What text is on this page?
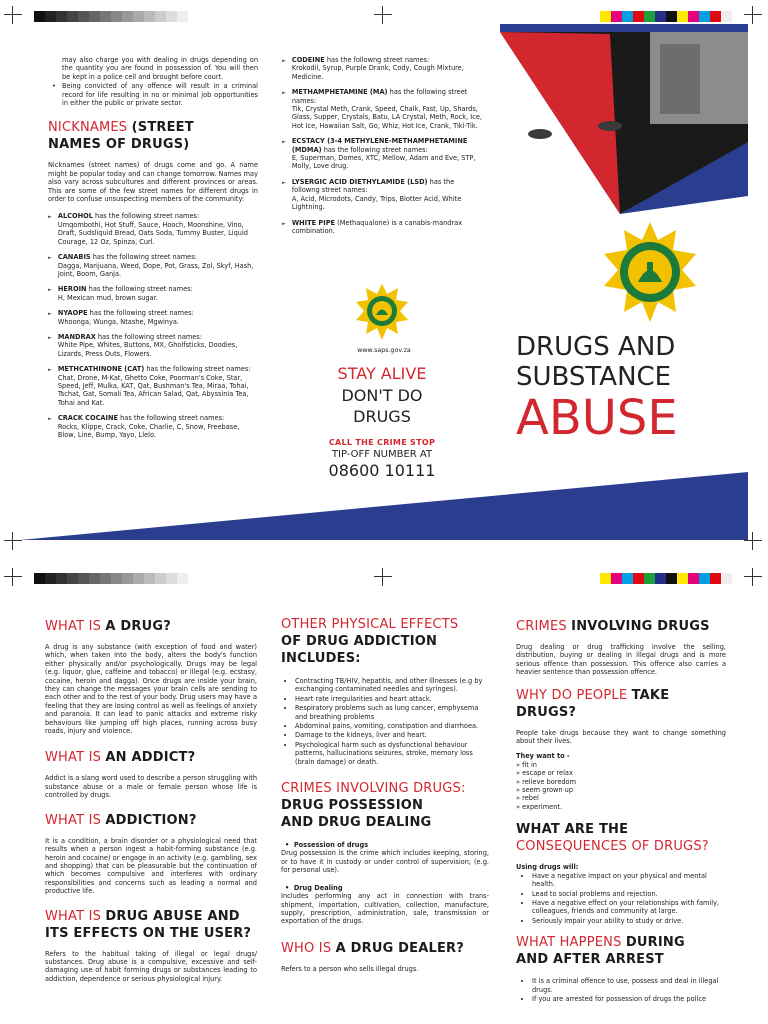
may also charge you with dealing in drugs depending on the quantity you are found in possession of. You will then be kept in a police cell and brought before court.
• Being convicted of any offence will result in a criminal record for life resulting in no or minimal job opportunities in either the public or private sector.
NICKNAMES (STREET
NAMES OF DRUGS)
Nicknames (street names) of drugs come and go. A name might be popular today and can change tomorrow. Names may also vary across subcultures and different provinces or areas. This are some of the few street names for different drugs in order to confuse unsuspecting members of the community:
► ALCOHOL has the following street names:
Umqombothi, Hot Stuff, Sauce, Hooch, Moonshine, Vino, Draft, Sudsliquid Bread, Oats Soda, Tummy Buster, Liquid Courage, 12 Oz, Spinza, Curl.
► CANABIS has the following street names:
Dagga, Marijuana, Weed, Dope, Pot, Grass, Zol, Skyf, Hash, Joint, Boom, Ganja.
► HEROIN has the following street names:
H, Mexican mud, brown sugar.
► NYAOPE has the following street names:
Whoonga, Wunga, Ntashe, Mgwinya.
► MANDRAX has the following street names:
White Pipe, Whites, Buttons, MX, Gholfsticks, Doodies, Lizards, Press Outs, Flowers.
► METHCATHINONE (CAT) has the following street names:
Chat, Drone, M-Kat, Ghetto Coke, Poorman's Coke, Star, Speed, Jeff, Mulka, KAT, Qat, Bushman's Tea, Miraa, Tohai, Tschat, Gat, Somali Tea, African Salad, Qat, Abyssinia Tea, Tohai and Kat.
► CRACK COCAINE has the following street names:
Rocks, Klippe, Crack, Coke, Charlie, C, Snow, Freebase, Blow, Line, Bump, Yayo, Llelo.
► CODEINE has the followng street names:
Krokodil, Syrup, Purple Drank, Cody, Cough Mixture, Medicine.
► METHAMPHETAMINE (MA) has the following street names:
Tik, Crystal Meth, Crank, Speed, Chalk, Fast, Up, Shards, Glass, Supper, Crystals, Batu, LA Crystal, Meth, Rock, Ice, Hot Ice, Hawaiian Salt, Go, Whiz, Hot Ice, Crank, Tiki-Tik.
► ECSTACY (3-4 METHYLENE-METHAMPHETAMINE (MDMA) has the following street names:
E, Superman, Domes, XTC, Mellow, Adam and Eve, STP, Molly, Love drug.
► LYSERGIC ACID DIETHYLAMIDE (LSD) has the followng street names:
A, Acid, Microdots, Candy, Trips, Blotter Acid, White Lightning.
► WHITE PIPE (Methaqualone) is a canabis-mandrax combination.
www.saps.gov.za
STAY ALIVE
DON'T DO
DRUGS
CALL THE CRIME STOP
TIP-OFF NUMBER AT
08600 10111
DRUGS AND
SUBSTANCE
ABUSE
WHAT IS A DRUG?
A drug is any substance (with exception of food and water) which, when taken into the body, alters the body's function either physically and/or psychologically. Drugs may be legal (e.g. liquor, glue, caffeine and tobacco) or illegal (e.g. ecstasy, cocaine, heroin and dagga). Once drugs are inside your brain, they can change the messages your brain cells are sending to each other and to the rest of your body. Drug users may have a feeling that they are losing control as well as feelings of anxiety and paranoia. It can lead to panic attacks and extreme risky behaviours like jumping off high places, running across busy roads, injury and violence.
WHAT IS AN ADDICT?
Addict is a slang word used to describe a person struggling with substance abuse or a male or female person whose life is controlled by drugs.
WHAT IS ADDICTION?
It is a condition, a brain disorder or a physiological need that results when a person ingest a habit-forming substance (e.g. heroin and cocaine) or engage in an activity (e.g. gambling, sex and shopping) that can be pleasurable but the continuation of which becomes compulsive and interferes with ordinary responsibilities and concerns such as leading a normal and productive life.
WHAT IS DRUG ABUSE AND
ITS EFFECTS ON THE USER?
Refers to the habitual taking of illegal or legal drugs/ substances. Drug abuse is a compulsive, excessive and self-damaging use of habit forming drugs or substances leading to addiction, dependence or serious physiological injury.
OTHER PHYSICAL EFFECTS
OF DRUG ADDICTION
INCLUDES:
• Contracting TB/HIV, hepatitis, and other illnesses (e.g by exchanging contaminated needles and syringes).
• Heart rate irregularities and heart attack.
• Respiratory problems such as lung cancer, emphysema and breathing problems
• Abdominal pains, vomiting, constipation and diarrhoea.
• Damage to the kidneys, liver and heart.
• Psychological harm such as dysfunctional behaviour patterns, hallucinations seizures, stroke, memory loss (brain damage) or death.
CRIMES INVOLVING DRUGS:
DRUG POSSESSION
AND DRUG DEALING
•  Possession of drugs
Drug possession is the crime which includes keeping, storing, or to have it in custody or under control of supervision; (e.g. for personal use).
•  Drug Dealing
Includes performing any act in connection with trans-shipment, importation, cultivation, collection, manufacture, supply, prescription, administration, sale, transmission or exportation of the drugs.
WHO IS A DRUG DEALER?
Refers to a person who sells illegal drugs.
CRIMES INVOLVING DRUGS
Drug dealing or drug trafficking involve the selling, distribution, buying or dealing in illegal drugs and is more serious offence than possession. This offence also carries a heavier sentence than possession offence.
WHY DO PEOPLE TAKE
DRUGS?
People take drugs because they want to change something about their lives.
They want to -
» fit in
» escape or relax
» relieve boredom
» seem grown up
» rebel
» experiment.
WHAT ARE THE
CONSEQUENCES OF DRUGS?
Using drugs will:
• Have a negative impact on your physical and mental health.
• Lead to social problems and rejection.
• Have a negative effect on your relationships with family, colleagues, friends and community at large.
• Seriously impair your ability to study or drive.
WHAT HAPPENS DURING
AND AFTER ARREST
• It is a criminal offence to use, possess and deal in illegal drugs.
• If you are arrested for possession of drugs the police
